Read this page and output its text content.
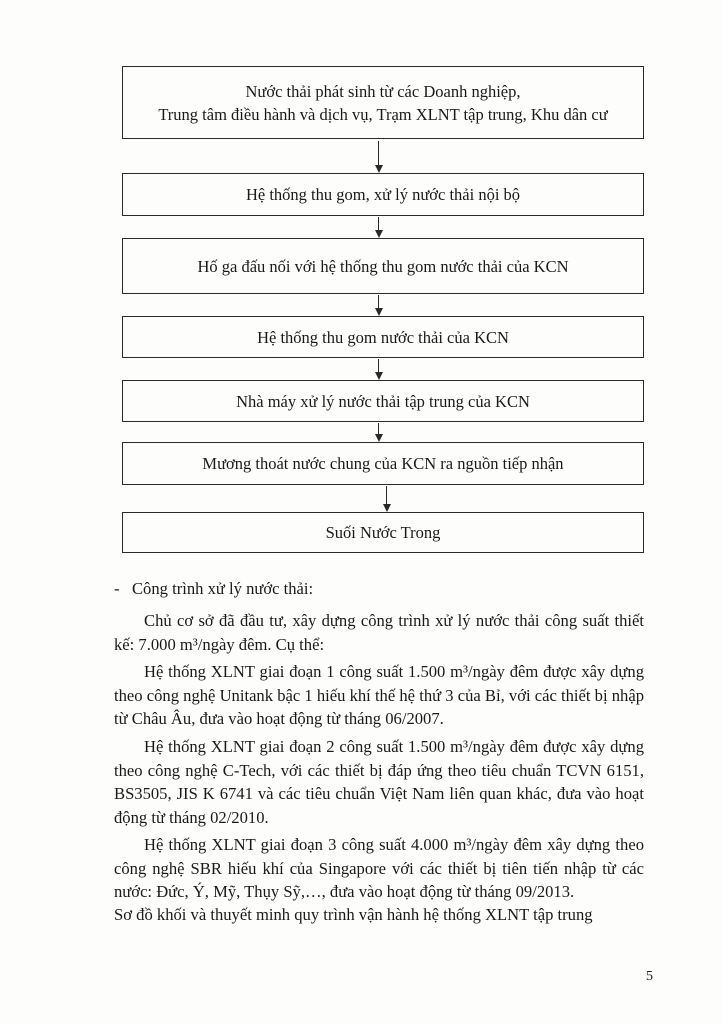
Nước thải phát sinh từ các Doanh nghiệp,
Trung tâm điều hành và dịch vụ, Trạm XLNT tập trung, Khu dân cư
Hệ thống thu gom, xử lý nước thải nội bộ
Hố ga đấu nối với hệ thống thu gom nước thải của KCN
Hệ thống thu gom nước thải của KCN
Nhà máy xử lý nước thải tập trung của KCN
Mương thoát nước chung của KCN ra nguồn tiếp nhận
Suối Nước Trong
- Công trình xử lý nước thải:
Chủ cơ sở đã đầu tư, xây dựng công trình xử lý nước thải công suất thiết kế: 7.000 m³/ngày đêm. Cụ thể:
Hệ thống XLNT giai đoạn 1 công suất 1.500 m³/ngày đêm được xây dựng theo công nghệ Unitank bậc 1 hiếu khí thế hệ thứ 3 của Bỉ, với các thiết bị nhập từ Châu Âu, đưa vào hoạt động từ tháng 06/2007.
Hệ thống XLNT giai đoạn 2 công suất 1.500 m³/ngày đêm được xây dựng theo công nghệ C-Tech, với các thiết bị đáp ứng theo tiêu chuẩn TCVN 6151, BS3505, JIS K 6741 và các tiêu chuẩn Việt Nam liên quan khác, đưa vào hoạt động từ tháng 02/2010.
Hệ thống XLNT giai đoạn 3 công suất 4.000 m³/ngày đêm xây dựng theo công nghệ SBR hiếu khí của Singapore với các thiết bị tiên tiến nhập từ các nước: Đức, Ý, Mỹ, Thụy Sỹ,…, đưa vào hoạt động từ tháng 09/2013.
Sơ đồ khối và thuyết minh quy trình vận hành hệ thống XLNT tập trung
5
